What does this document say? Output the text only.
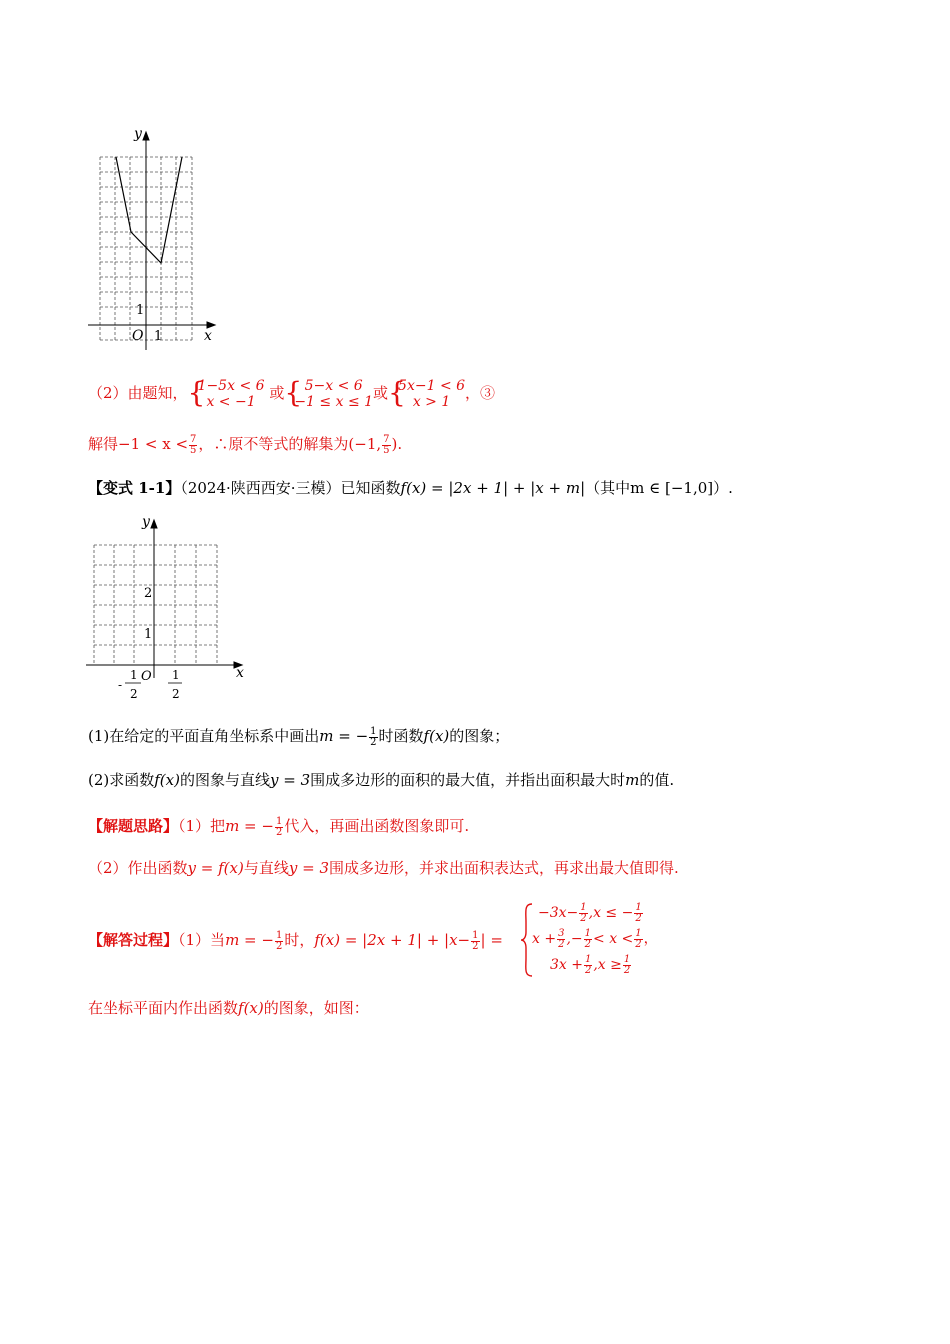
y
x
1
O 1
（2）由题知， {
1−5x < 6
x < −1 或 { 5−x < 6
−1 ≤ x ≤ 1 或 {
5x−1 < 6
x > 1 ，③
解得$-1 < x < \frac{7}{5}$ ，∴原不等式的解集为(−1, $\frac{7}{5}$ ).
【变式 1-1】（2024·陕西西安·三模）已知函数f(x) = |2x + 1| + |x + m|（其中m ∈ [−1,0]）.
y
x
2
1
O
-
1
2
1
2
(1)在给定的平面直角坐标系中画出m = − $\frac{1}{2}$ 时函数f(x)的图象；
(2)求函数f(x)的图象与直线y = 3围成多边形的面积的最大值，并指出面积最大时m的值.
【解题思路】（1）把m = − $\frac{1}{2}$ 代入，再画出函数图象即可.
（2）作出函数y = f(x)与直线y = 3围成多边形，并求出面积表达式，再求出最大值即得.
【解答过程】（1）当m = − $\frac{1}{2}$ 时，$f(x) = |2x + 1| + |x- \frac{1}{2}$ | =
$-3x- \frac{1}{2} ,x$ ≤ − $\frac{1}{2}$
$x + \frac{3}{2}$ ,− $\frac{1}{2} < x < \frac{1}{2}$ ，
$3x + \frac{1}{2} ,x \ge \frac{1}{2}$
在坐标平面内作出函数f(x)的图象，如图：
